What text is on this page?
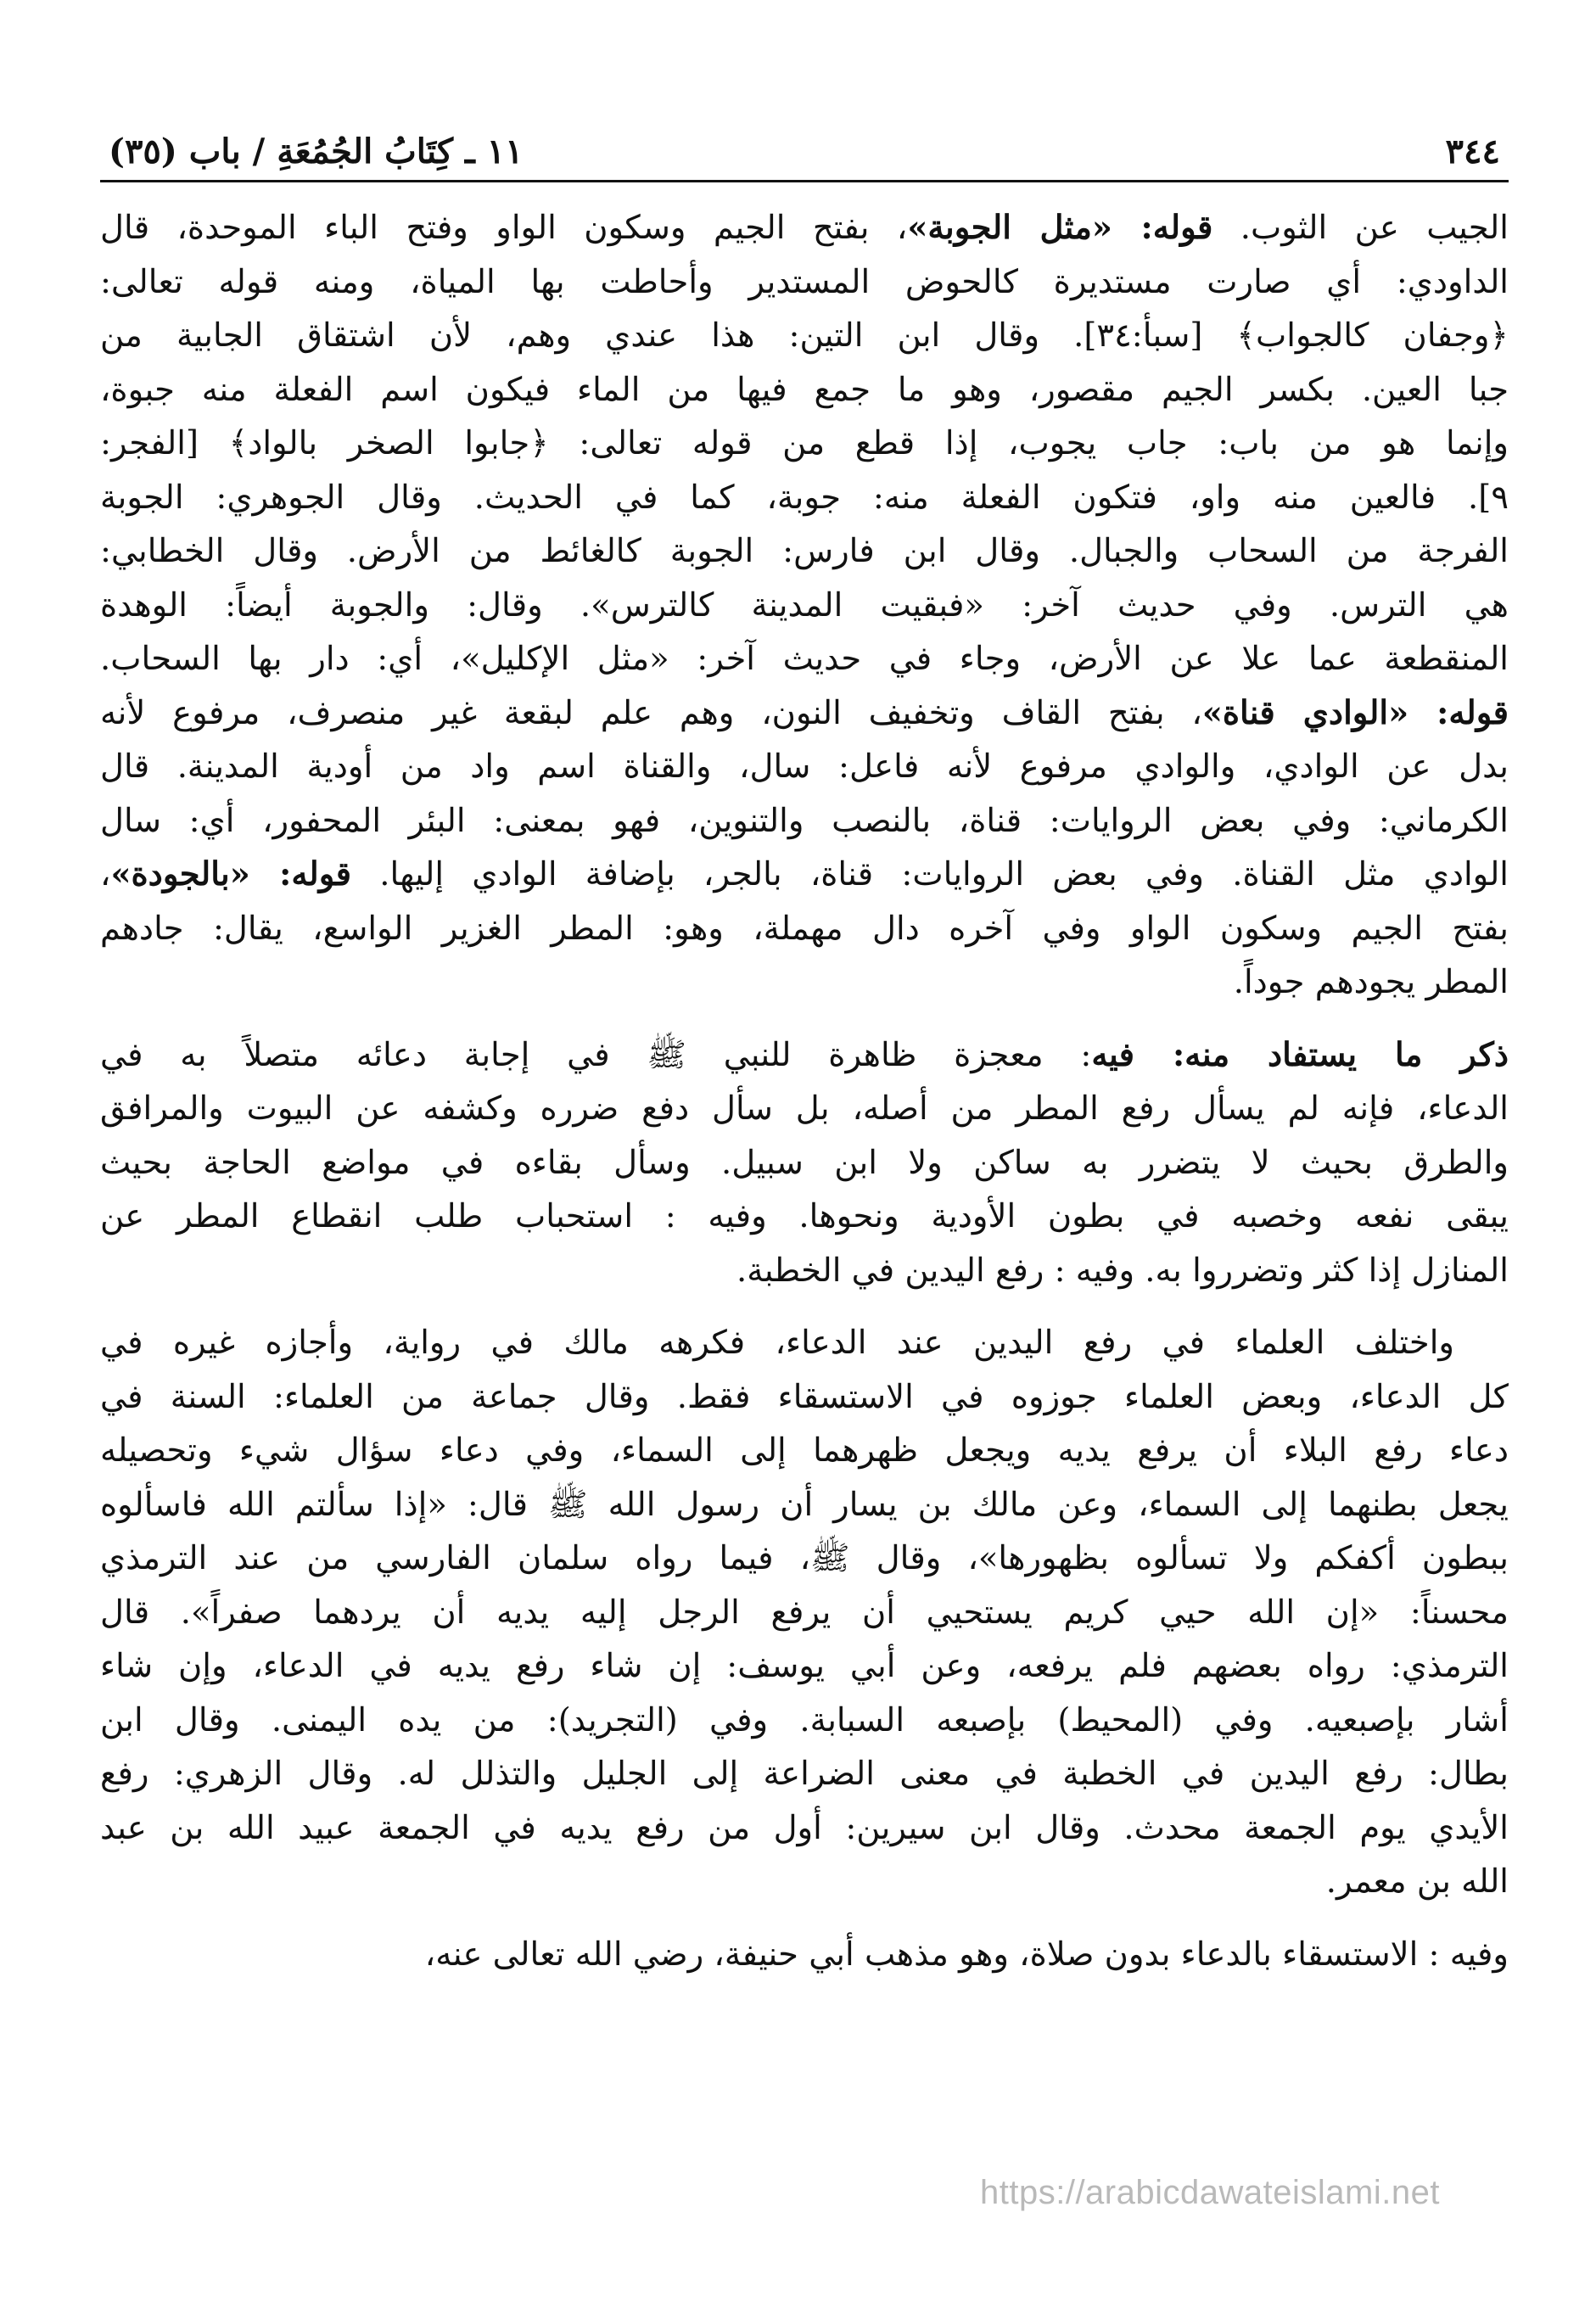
٣٤٤
١١ ـ كِتَابُ الجُمُعَةِ / باب (٣٥)
الجيب عن الثوب. قوله: «مثل الجوبة»، بفتح الجيم وسكون الواو وفتح الباء الموحدة، قال
الداودي: أي صارت مستديرة كالحوض المستدير وأحاطت بها المياة، ومنه قوله تعالى:
﴿وجفان كالجواب﴾ [سبأ:٣٤]. وقال ابن التين: هذا عندي وهم، لأن اشتقاق الجابية من
جبا العين. بكسر الجيم مقصور، وهو ما جمع فيها من الماء فيكون اسم الفعلة منه جبوة،
وإنما هو من باب: جاب يجوب، إذا قطع من قوله تعالى: ﴿جابوا الصخر بالواد﴾ [الفجر:
٩]. فالعين منه واو، فتكون الفعلة منه: جوبة، كما في الحديث. وقال الجوهري: الجوبة
الفرجة من السحاب والجبال. وقال ابن فارس: الجوبة كالغائط من الأرض. وقال الخطابي:
هي الترس. وفي حديث آخر: «فبقيت المدينة كالترس». وقال: والجوبة أيضاً: الوهدة
المنقطعة عما علا عن الأرض، وجاء في حديث آخر: «مثل الإكليل»، أي: دار بها السحاب.
قوله: «الوادي قناة»، بفتح القاف وتخفيف النون، وهم علم لبقعة غير منصرف، مرفوع لأنه
بدل عن الوادي، والوادي مرفوع لأنه فاعل: سال، والقناة اسم واد من أودية المدينة. قال
الكرماني: وفي بعض الروايات: قناة، بالنصب والتنوين، فهو بمعنى: البئر المحفور، أي: سال
الوادي مثل القناة. وفي بعض الروايات: قناة، بالجر، بإضافة الوادي إليها. قوله: «بالجودة»،
بفتح الجيم وسكون الواو وفي آخره دال مهملة، وهو: المطر الغزير الواسع، يقال: جادهم
المطر يجودهم جوداً.
ذكر ما يستفاد منه: فيه: معجزة ظاهرة للنبي ﷺ في إجابة دعائه متصلاً به في
الدعاء، فإنه لم يسأل رفع المطر من أصله، بل سأل دفع ضرره وكشفه عن البيوت والمرافق
والطرق بحيث لا يتضرر به ساكن ولا ابن سبيل. وسأل بقاءه في مواضع الحاجة بحيث
يبقى نفعه وخصبه في بطون الأودية ونحوها. وفيه : استحباب طلب انقطاع المطر عن
المنازل إذا كثر وتضرروا به. وفيه : رفع اليدين في الخطبة.
واختلف العلماء في رفع اليدين عند الدعاء، فكرهه مالك في رواية، وأجازه غيره في
كل الدعاء، وبعض العلماء جوزوه في الاستسقاء فقط. وقال جماعة من العلماء: السنة في
دعاء رفع البلاء أن يرفع يديه ويجعل ظهرهما إلى السماء، وفي دعاء سؤال شيء وتحصيله
يجعل بطنهما إلى السماء، وعن مالك بن يسار أن رسول الله ﷺ قال: «إذا سألتم الله فاسألوه
ببطون أكفكم ولا تسألوه بظهورها»، وقال ﷺ، فيما رواه سلمان الفارسي من عند الترمذي
محسناً: «إن الله حيي كريم يستحيي أن يرفع الرجل إليه يديه أن يردهما صفراً». قال
الترمذي: رواه بعضهم فلم يرفعه، وعن أبي يوسف: إن شاء رفع يديه في الدعاء، وإن شاء
أشار بإصبعيه. وفي (المحيط) بإصبعه السبابة. وفي (التجريد): من يده اليمنى. وقال ابن
بطال: رفع اليدين في الخطبة في معنى الضراعة إلى الجليل والتذلل له. وقال الزهري: رفع
الأيدي يوم الجمعة محدث. وقال ابن سيرين: أول من رفع يديه في الجمعة عبيد الله بن عبد
الله بن معمر.
وفيه : الاستسقاء بالدعاء بدون صلاة، وهو مذهب أبي حنيفة، رضي الله تعالى عنه،
https://arabicdawateislami.net
